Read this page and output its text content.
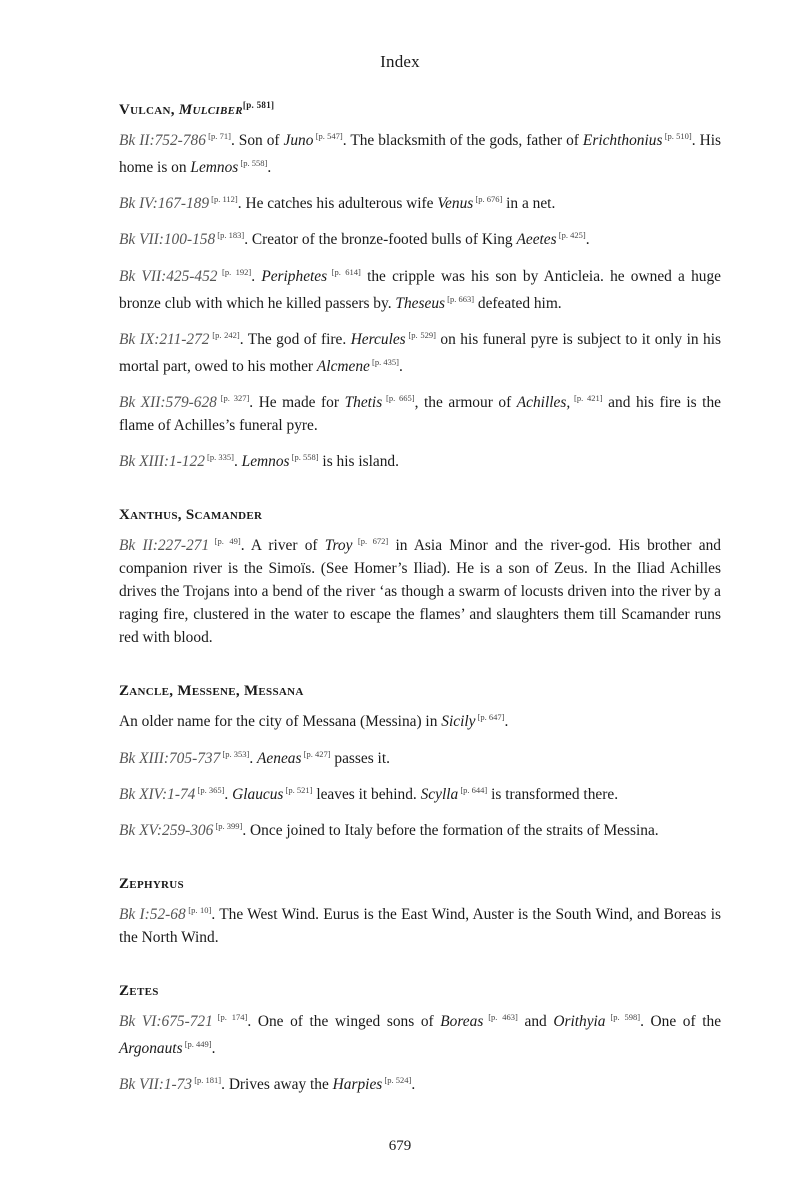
Index
Vulcan, Mulciber[p. 581]
Bk II:752-786 [p. 71]. Son of Juno [p. 547]. The blacksmith of the gods, father of Erichthonius [p. 510]. His home is on Lemnos [p. 558].
Bk IV:167-189 [p. 112]. He catches his adulterous wife Venus [p. 676] in a net.
Bk VII:100-158 [p. 183]. Creator of the bronze-footed bulls of King Aeetes [p. 425].
Bk VII:425-452 [p. 192]. Periphetes [p. 614] the cripple was his son by Anticleia. he owned a huge bronze club with which he killed passers by. Theseus [p. 663] defeated him.
Bk IX:211-272 [p. 242]. The god of fire. Hercules [p. 529] on his funeral pyre is subject to it only in his mortal part, owed to his mother Alcmene [p. 435].
Bk XII:579-628 [p. 327]. He made for Thetis [p. 665], the armour of Achilles, [p. 421] and his fire is the flame of Achilles’s funeral pyre.
Bk XIII:1-122 [p. 335]. Lemnos [p. 558] is his island.
Xanthus, Scamander
Bk II:227-271 [p. 49]. A river of Troy [p. 672] in Asia Minor and the river-god. His brother and companion river is the Simoïs. (See Homer’s Iliad). He is a son of Zeus. In the Iliad Achilles drives the Trojans into a bend of the river ‘as though a swarm of locusts driven into the river by a raging fire, clustered in the water to escape the flames’ and slaughters them till Scamander runs red with blood.
Zancle, Messene, Messana
An older name for the city of Messana (Messina) in Sicily [p. 647].
Bk XIII:705-737 [p. 353]. Aeneas [p. 427] passes it.
Bk XIV:1-74 [p. 365]. Glaucus [p. 521] leaves it behind. Scylla [p. 644] is transformed there.
Bk XV:259-306 [p. 399]. Once joined to Italy before the formation of the straits of Messina.
Zephyrus
Bk I:52-68 [p. 10]. The West Wind. Eurus is the East Wind, Auster is the South Wind, and Boreas is the North Wind.
Zetes
Bk VI:675-721 [p. 174]. One of the winged sons of Boreas [p. 463] and Orithyia [p. 598]. One of the Argonauts [p. 449].
Bk VII:1-73 [p. 181]. Drives away the Harpies [p. 524].
679
